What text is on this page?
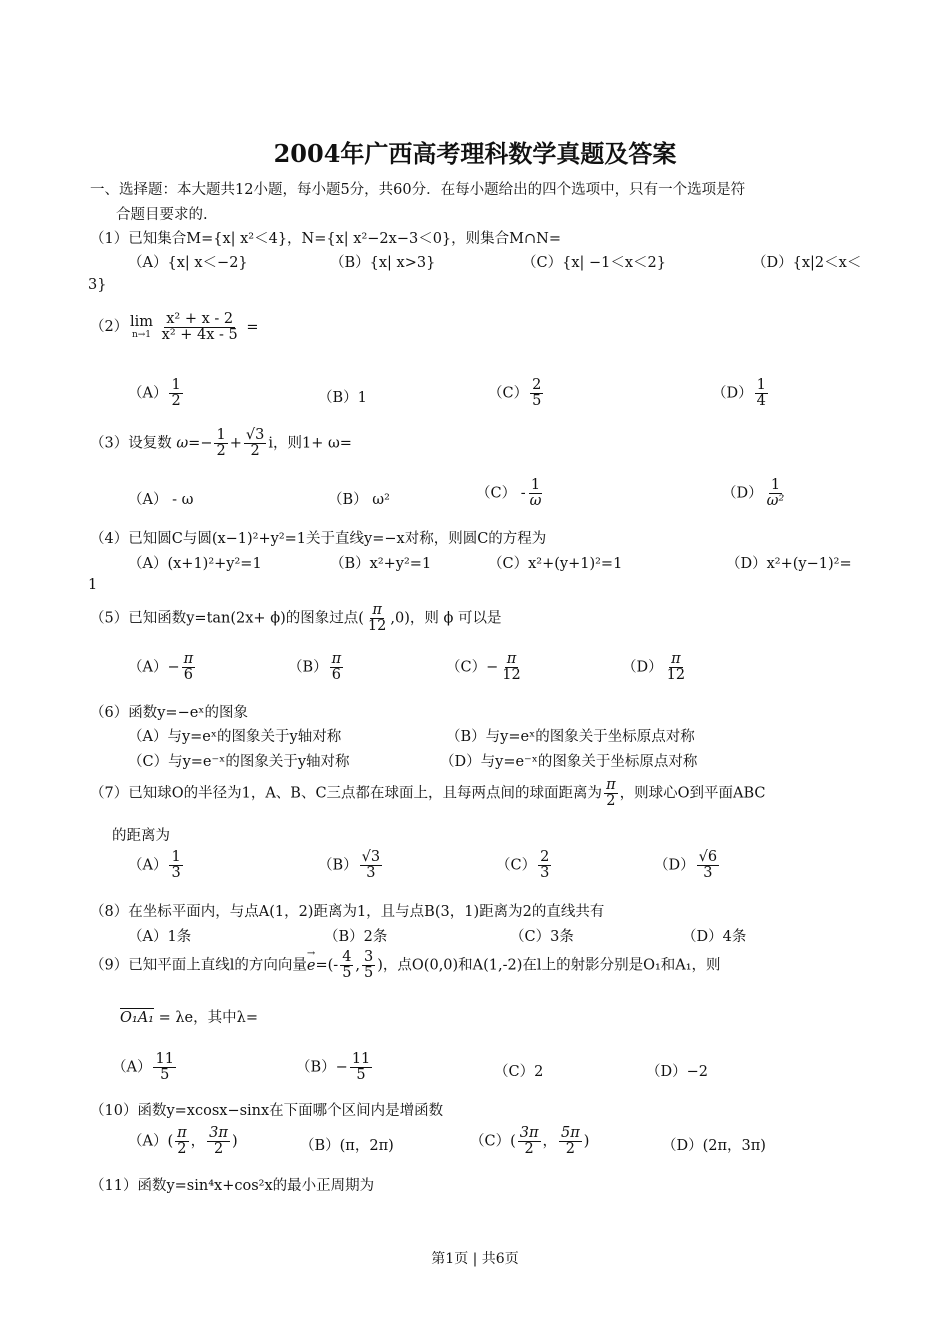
2004年广西高考理科数学真题及答案
一、选择题：本大题共12小题，每小题5分，共60分．在每小题给出的四个选项中，只有一个选项是符
合题目要求的.
（1）已知集合M={x| x²＜4}，N={x| x²−2x−3＜0}，则集合M∩N=
（A）{x| x＜−2}	（B）{x| x>3}	（C）{x| −1＜x＜2}	（D）{x|2＜x＜
3}
（2） lim
n→1
$\frac{\text{x² + x - 2}}{\text{x² + 4x - 5}}$ =
$(A) \frac{1}{2}$	（B）1	$(C) \frac{2}{5}$	$(D) \frac{1}{4}$
（3）设复数 $\omega=- \frac{1}{2} + \frac{√3}{2}$ i，则1+ ω=
（A） - ω	（B） ω²	$(C) - \frac{1}{\omega}$	$(D) \frac{1}{\text{ω²}}$
（4）已知圆C与圆(x−1)²+y²=1关于直线y=−x对称，则圆C的方程为
（A）(x+1)²+y²=1	（B）x²+y²=1	（C）x²+(y+1)²=1	（D）x²+(y−1)²=
1
（5）已知函数y=tan(2x+ ϕ)的图象过点( $\frac{\pi}{12} ,0$)，则 ϕ 可以是
$(A)- \frac{\pi}{6}$	$(B) \frac{\pi}{6}$	$(C)- \frac{\pi}{12}$	$(D) \frac{\pi}{12}$
（6）函数y=−eˣ的图象
（A）与y=eˣ的图象关于y轴对称	（B）与y=eˣ的图象关于坐标原点对称
（C）与y=e⁻ˣ的图象关于y轴对称	（D）与y=e⁻ˣ的图象关于坐标原点对称
（7）已知球O的半径为1，A、B、C三点都在球面上，且每两点间的球面距离为 $\frac{\pi}{2}$ ，则球心O到平面ABC
的距离为
$(A) \frac{1}{3}$	$(B) \frac{√3}{3}$	$(C) \frac{2}{3}$	$(D) \frac{√6}{3}$
（8）在坐标平面内，与点A(1，2)距离为1，且与点B(3，1)距离为2的直线共有
（A）1条	（B）2条	（C）3条	（D）4条
（9）已知平面上直线l的方向向量
→
$e=(- \frac{4}{5}$ , $\frac{3}{5}$ )，点O(0,0)和A(1,-2)在l上的射影分别是O₁和A₁，则
O₁A₁ = λe，其中λ=
$(A) \frac{11}{5}$	$(B)- \frac{11}{5}$	（C）2	（D）−2
（10）函数y=xcosx−sinx在下面哪个区间内是增函数
$(A)( \frac{\pi}{2}$ ， $\frac{3\pi}{2}$ )	（B）(π，2π)	$(C)( \frac{3\pi}{2}$ ， $\frac{5\pi}{2}$ )	（D）(2π，3π)
（11）函数y=sin⁴x+cos²x的最小正周期为
第1页 | 共6页
